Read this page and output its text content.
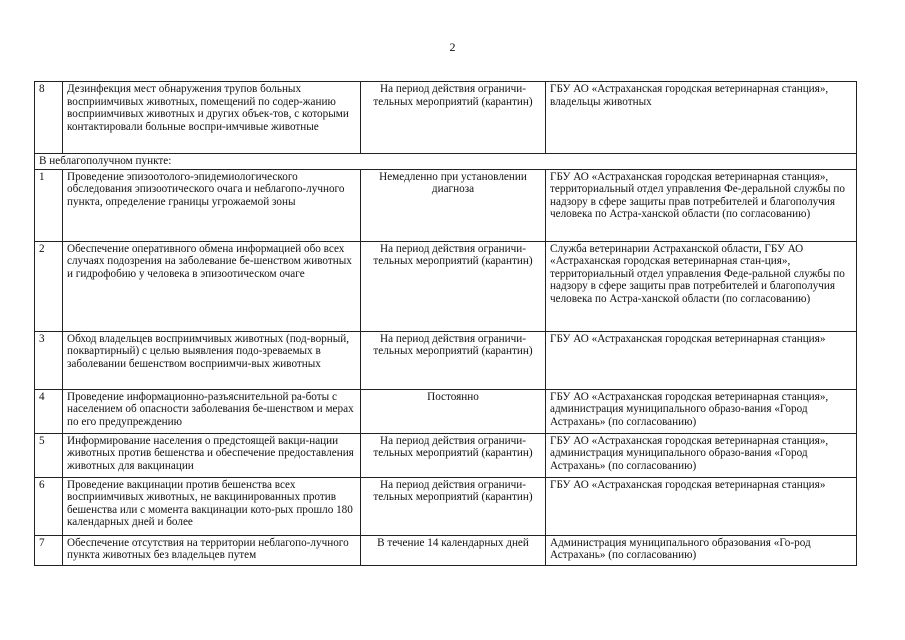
2
8	Дезинфекция мест обнаружения трупов больных восприимчивых животных, помещений по содер-жанию восприимчивых животных и других объек-тов, с которыми контактировали больные воспри-имчивые животные	На период действия ограничи-тельных мероприятий (карантин)	ГБУ АО «Астраханская городская ветеринарная станция», владельцы животных
В неблагополучном пункте:			
1	Проведение эпизоотолого-эпидемиологического обследования эпизоотического очага и неблагопо-лучного пункта, определение границы угрожаемой зоны	Немедленно при установлении диагноза	ГБУ АО «Астраханская городская ветеринарная станция», территориальный отдел управления Фе-деральной службы по надзору в сфере защиты прав потребителей и благополучия человека по Астра-ханской области (по согласованию)
2	Обеспечение оперативного обмена информацией обо всех случаях подозрения на заболевание бе-шенством животных и гидрофобию у человека в эпизоотическом очаге	На период действия ограничи-тельных мероприятий (карантин)	Служба ветеринарии Астраханской области, ГБУ АО «Астраханская городская ветеринарная стан-ция», территориальный отдел управления Феде-ральной службы по надзору в сфере защиты прав потребителей и благополучия человека по Астра-ханской области (по согласованию)
3	Обход владельцев восприимчивых животных (под-ворный, поквартирный) с целью выявления подо-зреваемых в заболевании бешенством восприимчи-вых животных	На период действия ограничи-тельных мероприятий (карантин)	ГБУ АО «Астраханская городская ветеринарная станция»
4	Проведение информационно-разъяснительной ра-боты с населением об опасности заболевания бе-шенством и мерах по его предупреждению	Постоянно	ГБУ АО «Астраханская городская ветеринарная станция», администрация муниципального образо-вания «Город Астрахань» (по согласованию)
5	Информирование населения о предстоящей вакци-нации животных против бешенства и обеспечение предоставления животных для вакцинации	На период действия ограничи-тельных мероприятий (карантин)	ГБУ АО «Астраханская городская ветеринарная станция», администрация муниципального образо-вания «Город Астрахань» (по согласованию)
6	Проведение вакцинации против бешенства всех восприимчивых животных, не вакцинированных против бешенства или с момента вакцинации кото-рых прошло 180 календарных дней и более	На период действия ограничи-тельных мероприятий (карантин)	ГБУ АО «Астраханская городская ветеринарная станция»
7	Обеспечение отсутствия на территории неблагопо-лучного пункта животных без владельцев путем	В течение 14 календарных дней	Администрация муниципального образования «Го-род Астрахань» (по согласованию)
